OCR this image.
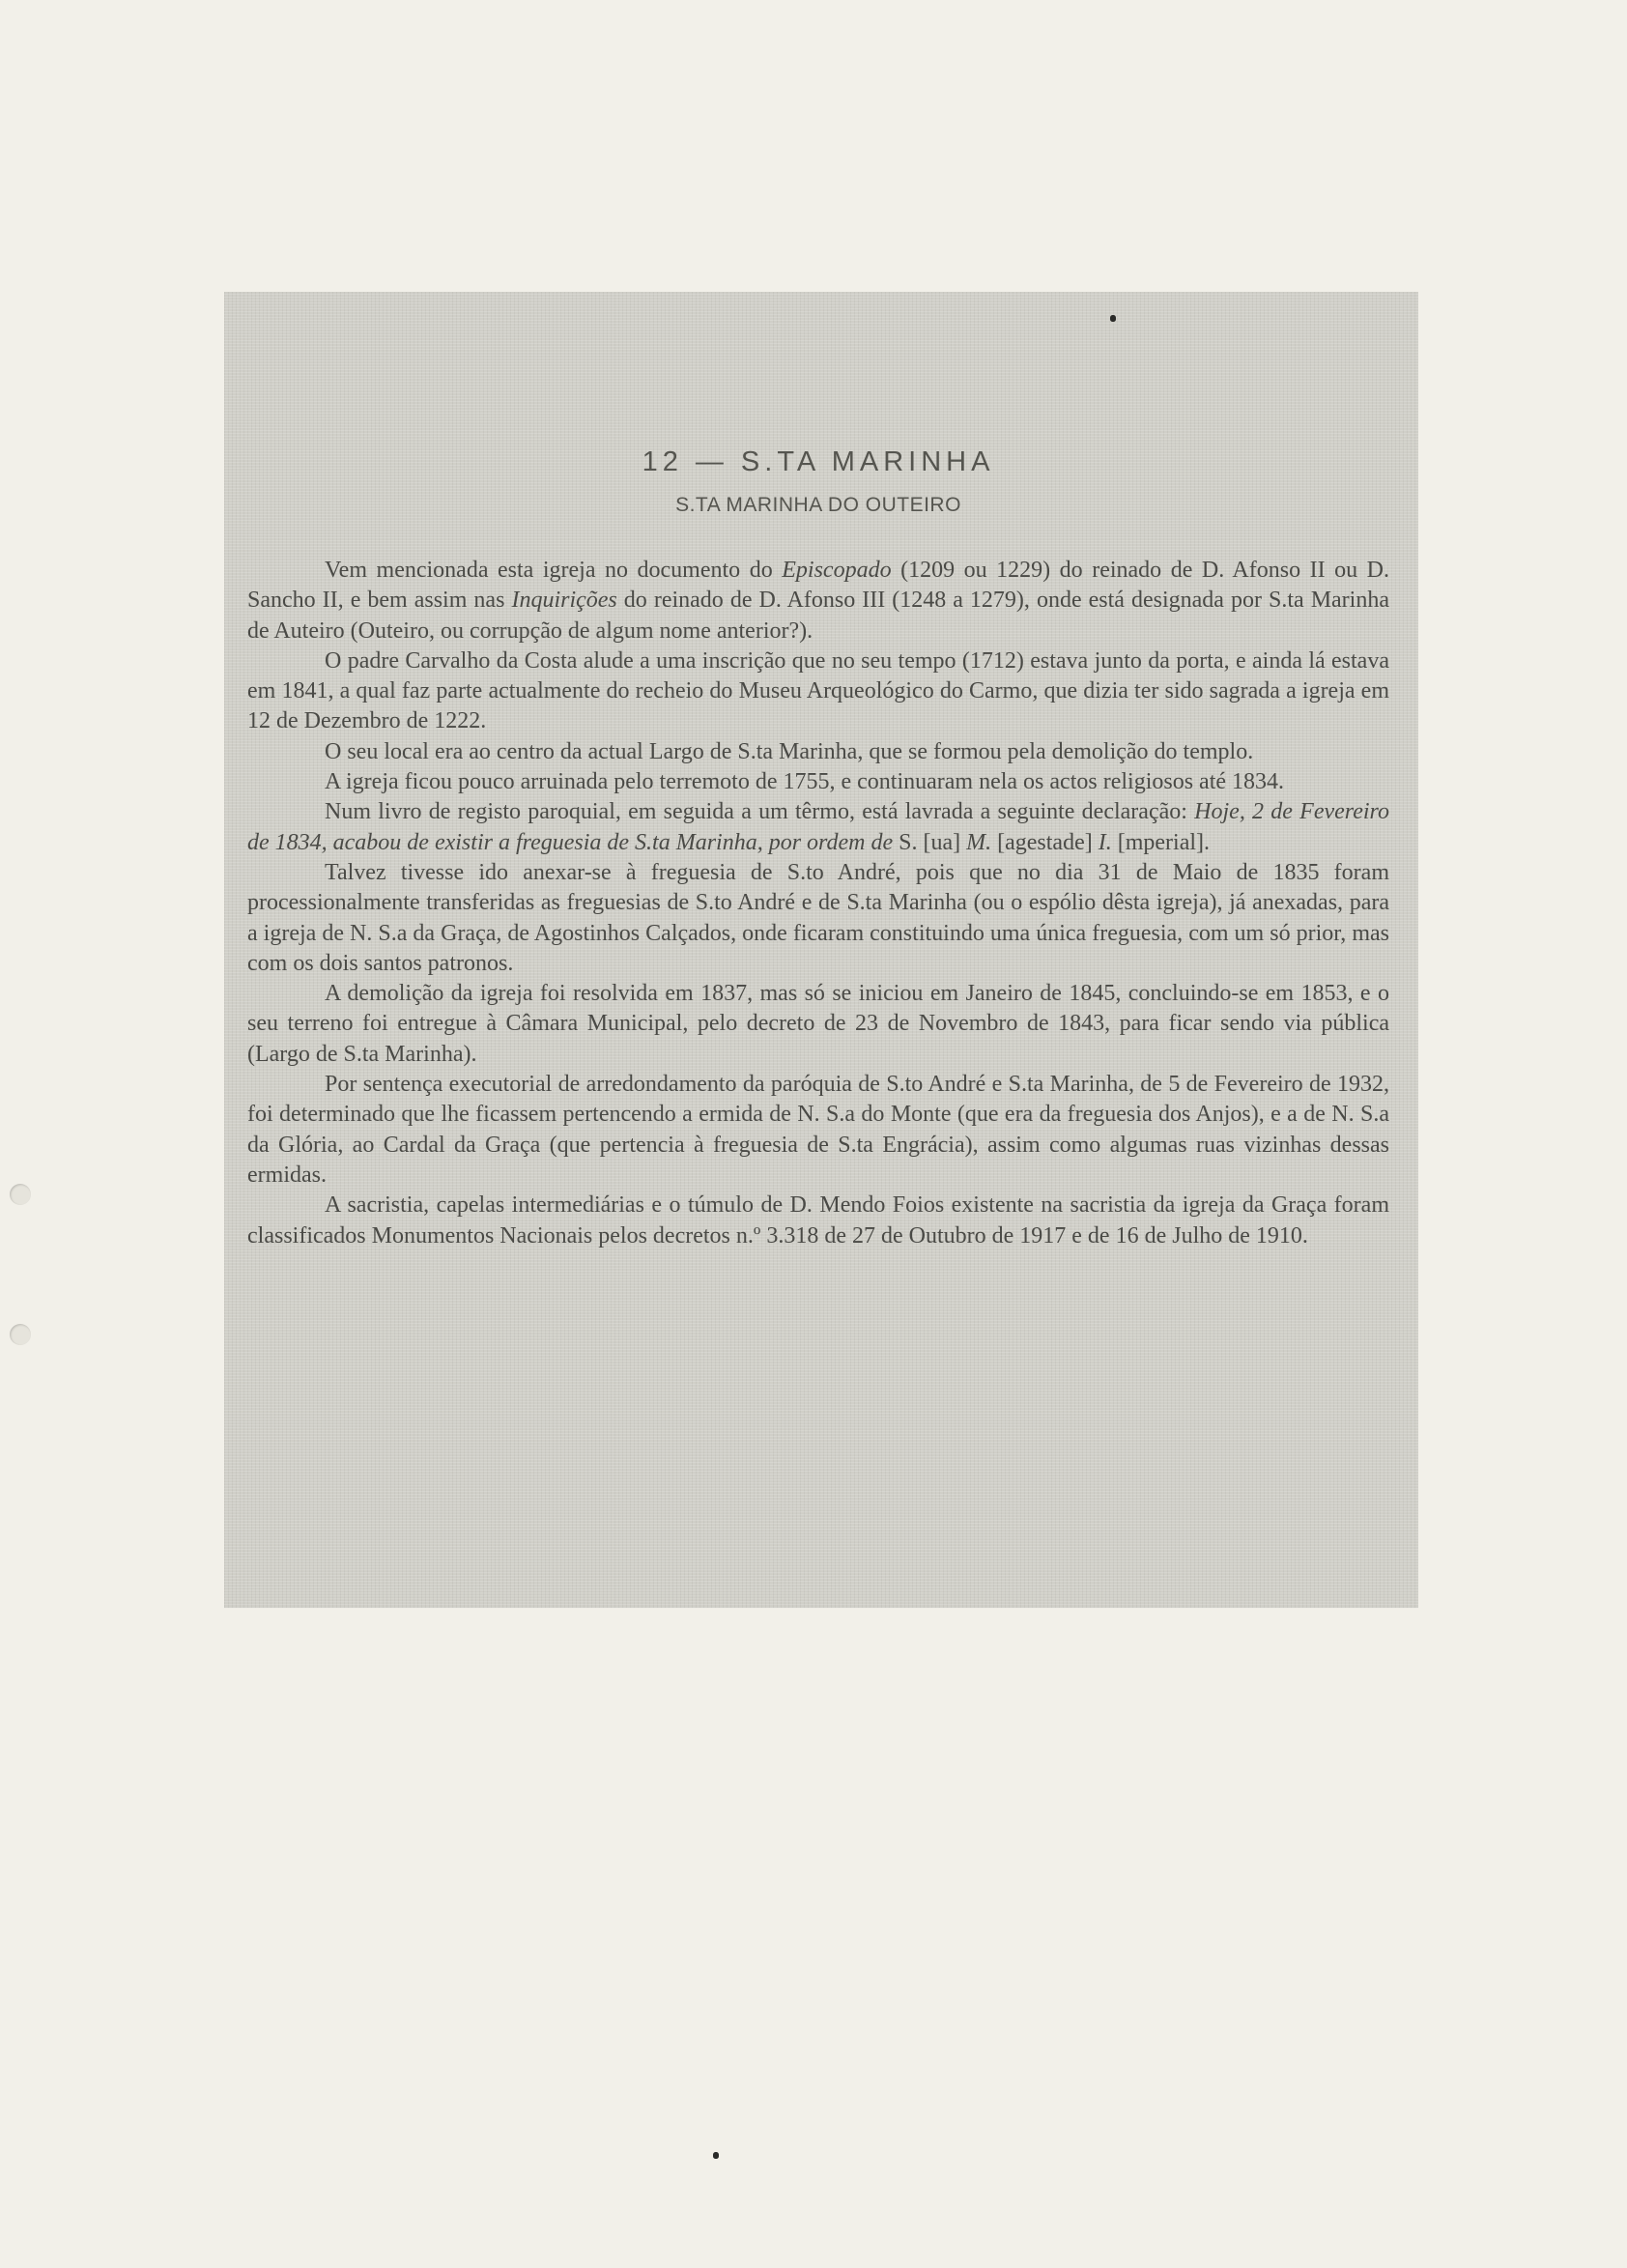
12 — S.TA MARINHA
S.TA MARINHA DO OUTEIRO

Vem mencionada esta igreja no documento do Episcopado (1209 ou 1229) do reinado de D. Afonso II ou D. Sancho II, e bem assim nas Inquirições do reinado de D. Afonso III (1248 a 1279), onde está designada por S.ta Marinha de Auteiro (Outeiro, ou corrupção de algum nome anterior?).

O padre Carvalho da Costa alude a uma inscrição que no seu tempo (1712) estava junto da porta, e ainda lá estava em 1841, a qual faz parte actualmente do recheio do Museu Arqueológico do Carmo, que dizia ter sido sagrada a igreja em 12 de Dezembro de 1222.

O seu local era ao centro da actual Largo de S.ta Marinha, que se formou pela demolição do templo.

A igreja ficou pouco arruinada pelo terremoto de 1755, e continuaram nela os actos religiosos até 1834.

Num livro de registo paroquial, em seguida a um têrmo, está lavrada a seguinte declaração: Hoje, 2 de Fevereiro de 1834, acabou de existir a freguesia de S.ta Marinha, por ordem de S. [ua] M. [agestade] I. [mperial].

Talvez tivesse ido anexar-se à freguesia de S.to André, pois que no dia 31 de Maio de 1835 foram processionalmente transferidas as freguesias de S.to André e de S.ta Marinha (ou o espólio dêsta igreja), já anexadas, para a igreja de N. S.a da Graça, de Agostinhos Calçados, onde ficaram constituindo uma única freguesia, com um só prior, mas com os dois santos patronos.

A demolição da igreja foi resolvida em 1837, mas só se iniciou em Janeiro de 1845, concluindo-se em 1853, e o seu terreno foi entregue à Câmara Municipal, pelo decreto de 23 de Novembro de 1843, para ficar sendo via pública (Largo de S.ta Marinha).

Por sentença executorial de arredondamento da paróquia de S.to André e S.ta Marinha, de 5 de Fevereiro de 1932, foi determinado que lhe ficassem pertencendo a ermida de N. S.a do Monte (que era da freguesia dos Anjos), e a de N. S.a da Glória, ao Cardal da Graça (que pertencia à freguesia de S.ta Engrácia), assim como algumas ruas vizinhas dessas ermidas.

A sacristia, capelas intermediárias e o túmulo de D. Mendo Foios existente na sacristia da igreja da Graça foram classificados Monumentos Nacionais pelos decretos n.º 3.318 de 27 de Outubro de 1917 e de 16 de Julho de 1910.
